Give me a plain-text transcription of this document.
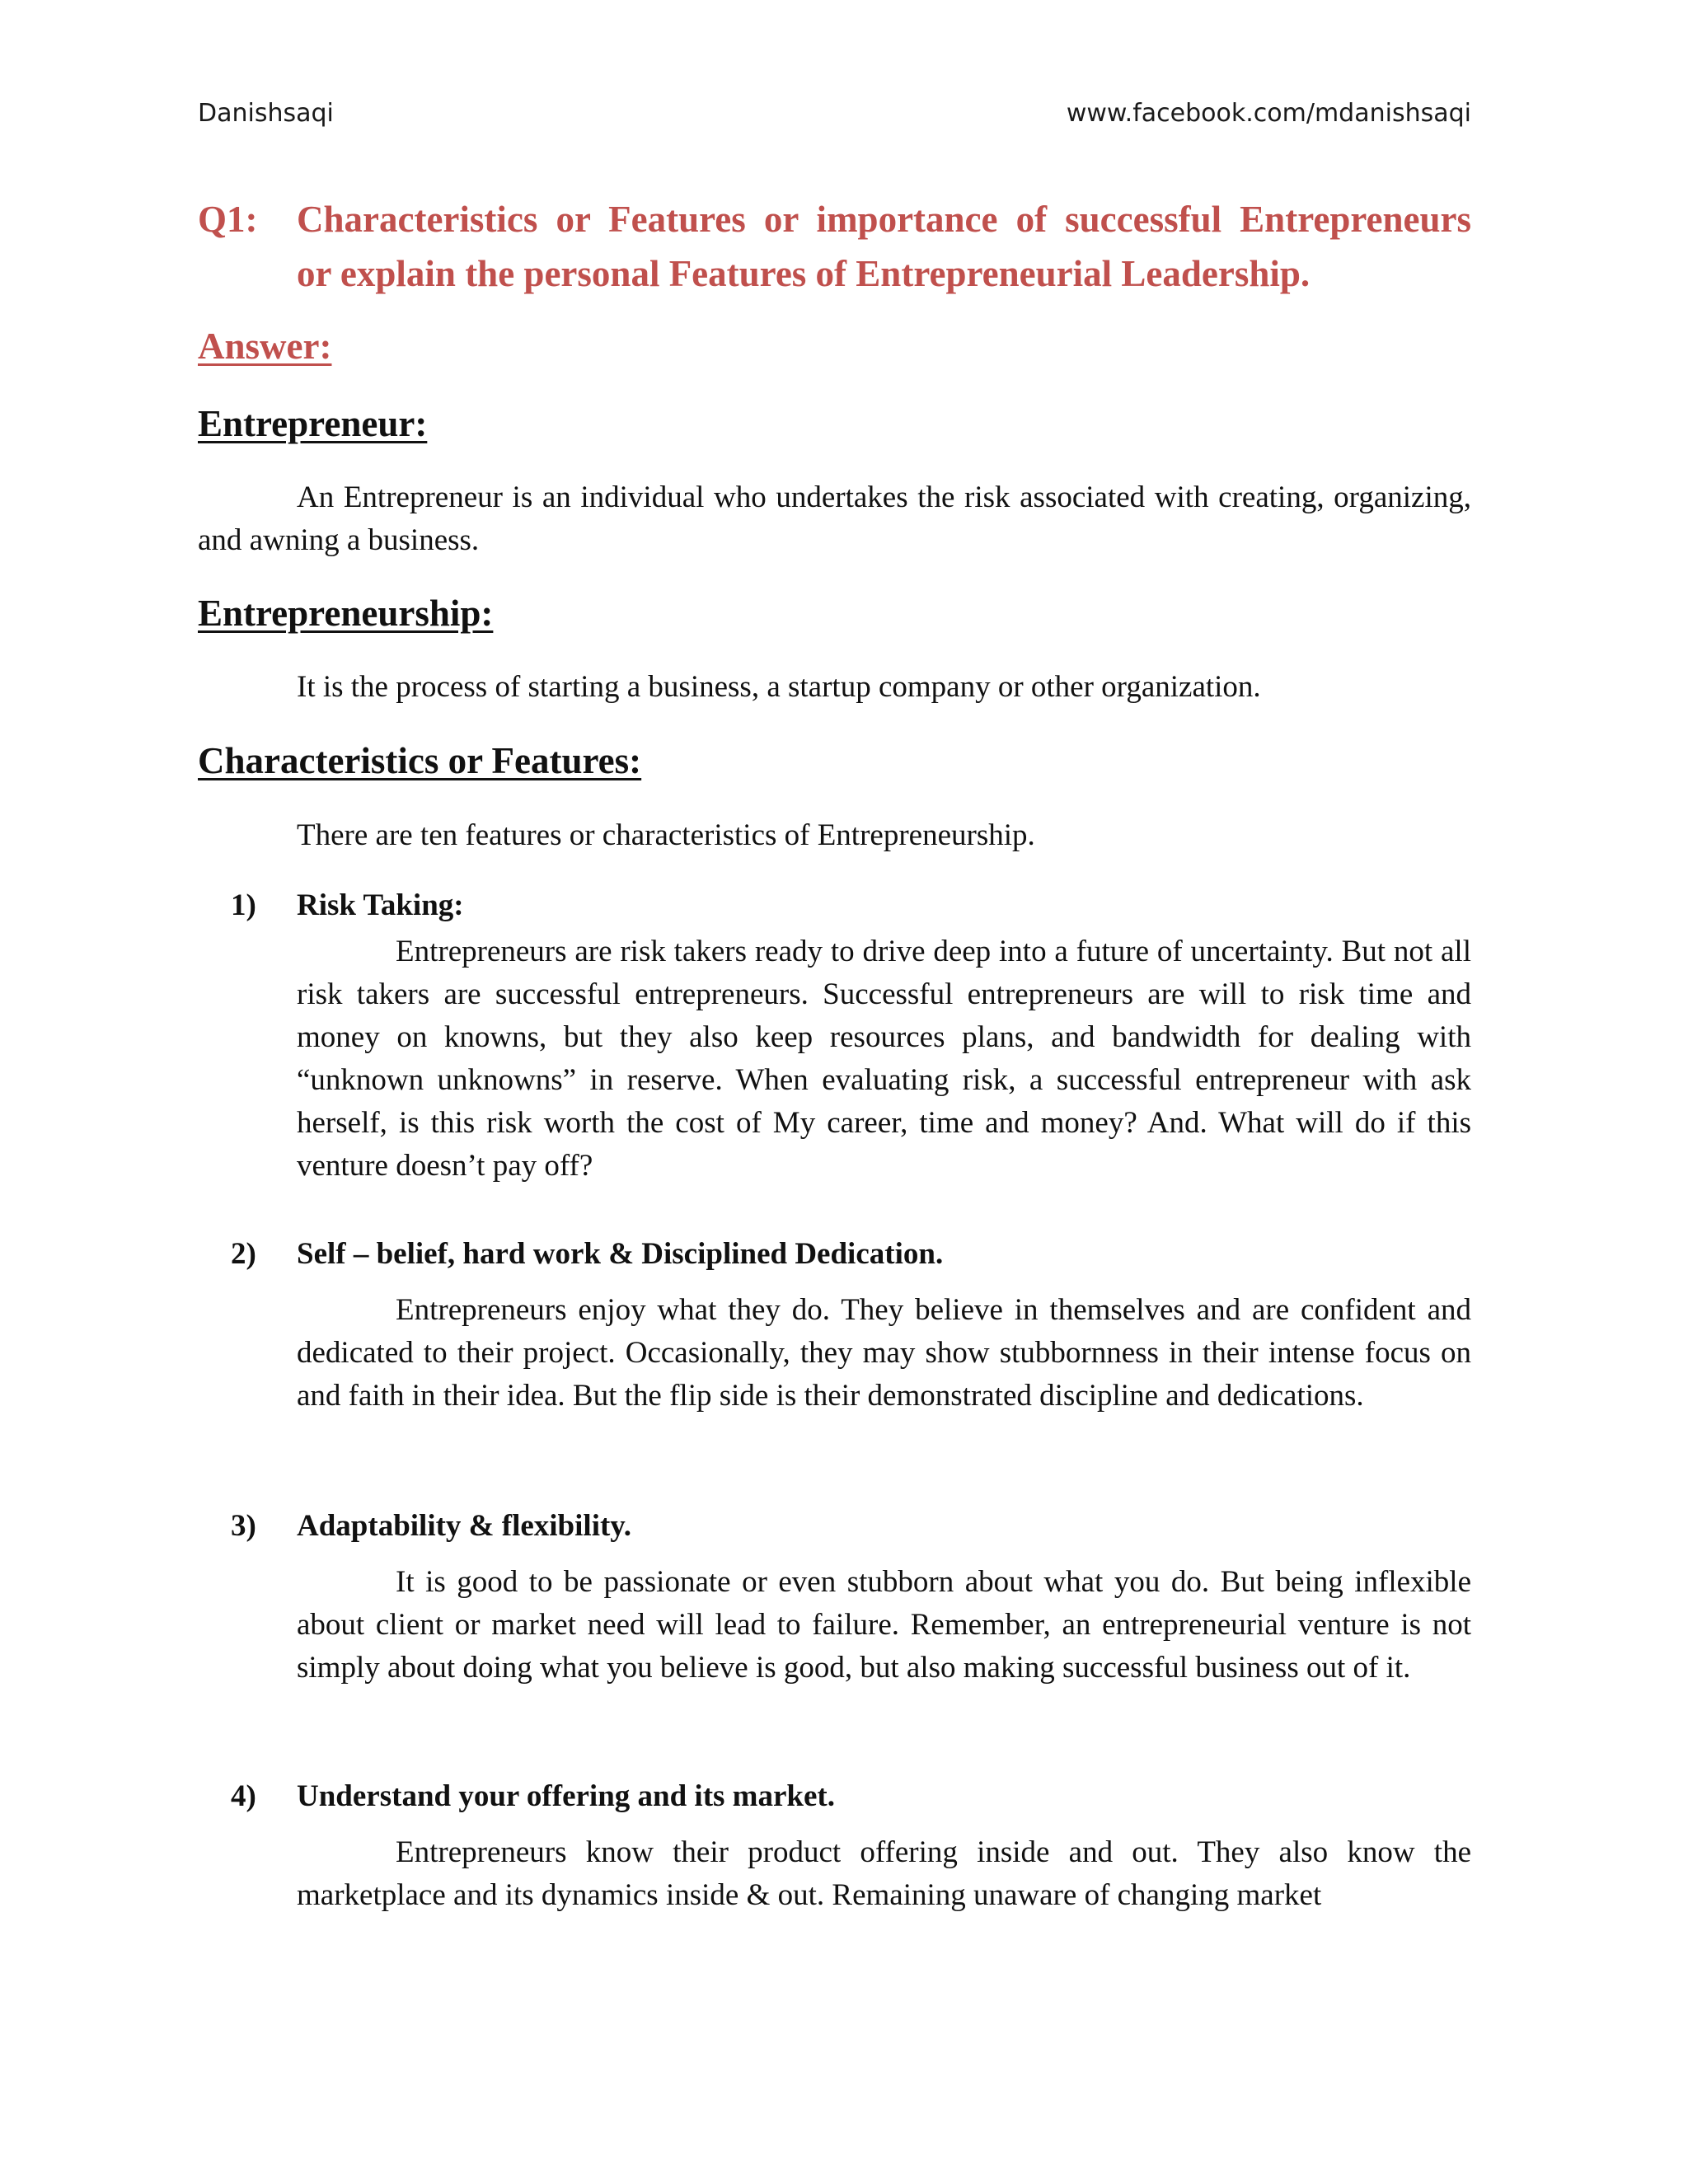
Danishsaqi	www.facebook.com/mdanishsaqi
Q1: Characteristics or Features or importance of successful Entrepreneurs
or explain the personal Features of Entrepreneurial Leadership.
Answer:
Entrepreneur:
An Entrepreneur is an individual who undertakes the risk associated with creating, organizing, and awning a business.
Entrepreneurship:
It is the process of starting a business, a startup company or other organization.
Characteristics or Features:
There are ten features or characteristics of Entrepreneurship.
1) Risk Taking:
Entrepreneurs are risk takers ready to drive deep into a future of uncertainty. But not all risk takers are successful entrepreneurs. Successful entrepreneurs are will to risk time and money on knowns, but they also keep resources plans, and bandwidth for dealing with “unknown unknowns” in reserve. When evaluating risk, a successful entrepreneur with ask herself, is this risk worth the cost of My career, time and money? And. What will do if this venture doesn’t pay off?
2) Self – belief, hard work & Disciplined Dedication.
Entrepreneurs enjoy what they do. They believe in themselves and are confident and dedicated to their project. Occasionally, they may show stubbornness in their intense focus on and faith in their idea. But the flip side is their demonstrated discipline and dedications.
3) Adaptability & flexibility.
It is good to be passionate or even stubborn about what you do. But being inflexible about client or market need will lead to failure. Remember, an entrepreneurial venture is not simply about doing what you believe is good, but also making successful business out of it.
4) Understand your offering and its market.
Entrepreneurs know their product offering inside and out. They also know the marketplace and its dynamics inside & out. Remaining unaware of changing market
